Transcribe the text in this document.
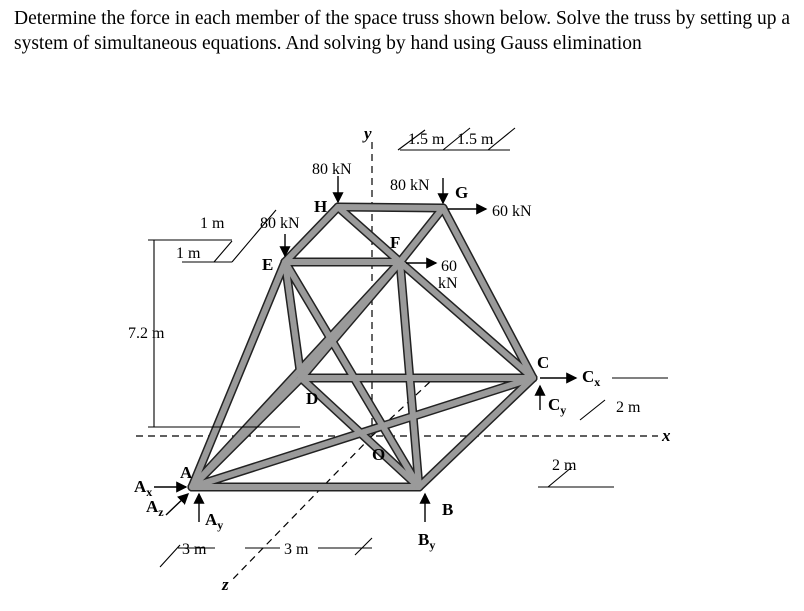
Determine the force in each member of the space truss shown below. Solve the truss by setting up a system of simultaneous equations. And solving by hand using Gauss elimination

A
B
C
D
E
F
G
H
O
80 kN
80 kN
80 kN
60 kN
60
kN
$A_x$
$A_z$ $A_y$
$B_y$
$C_x$
$C_y$
x
y
z
1.5 m 1.5 m
1 m
1 m
7.2 m
2 m
2 m
3 m	3 m
